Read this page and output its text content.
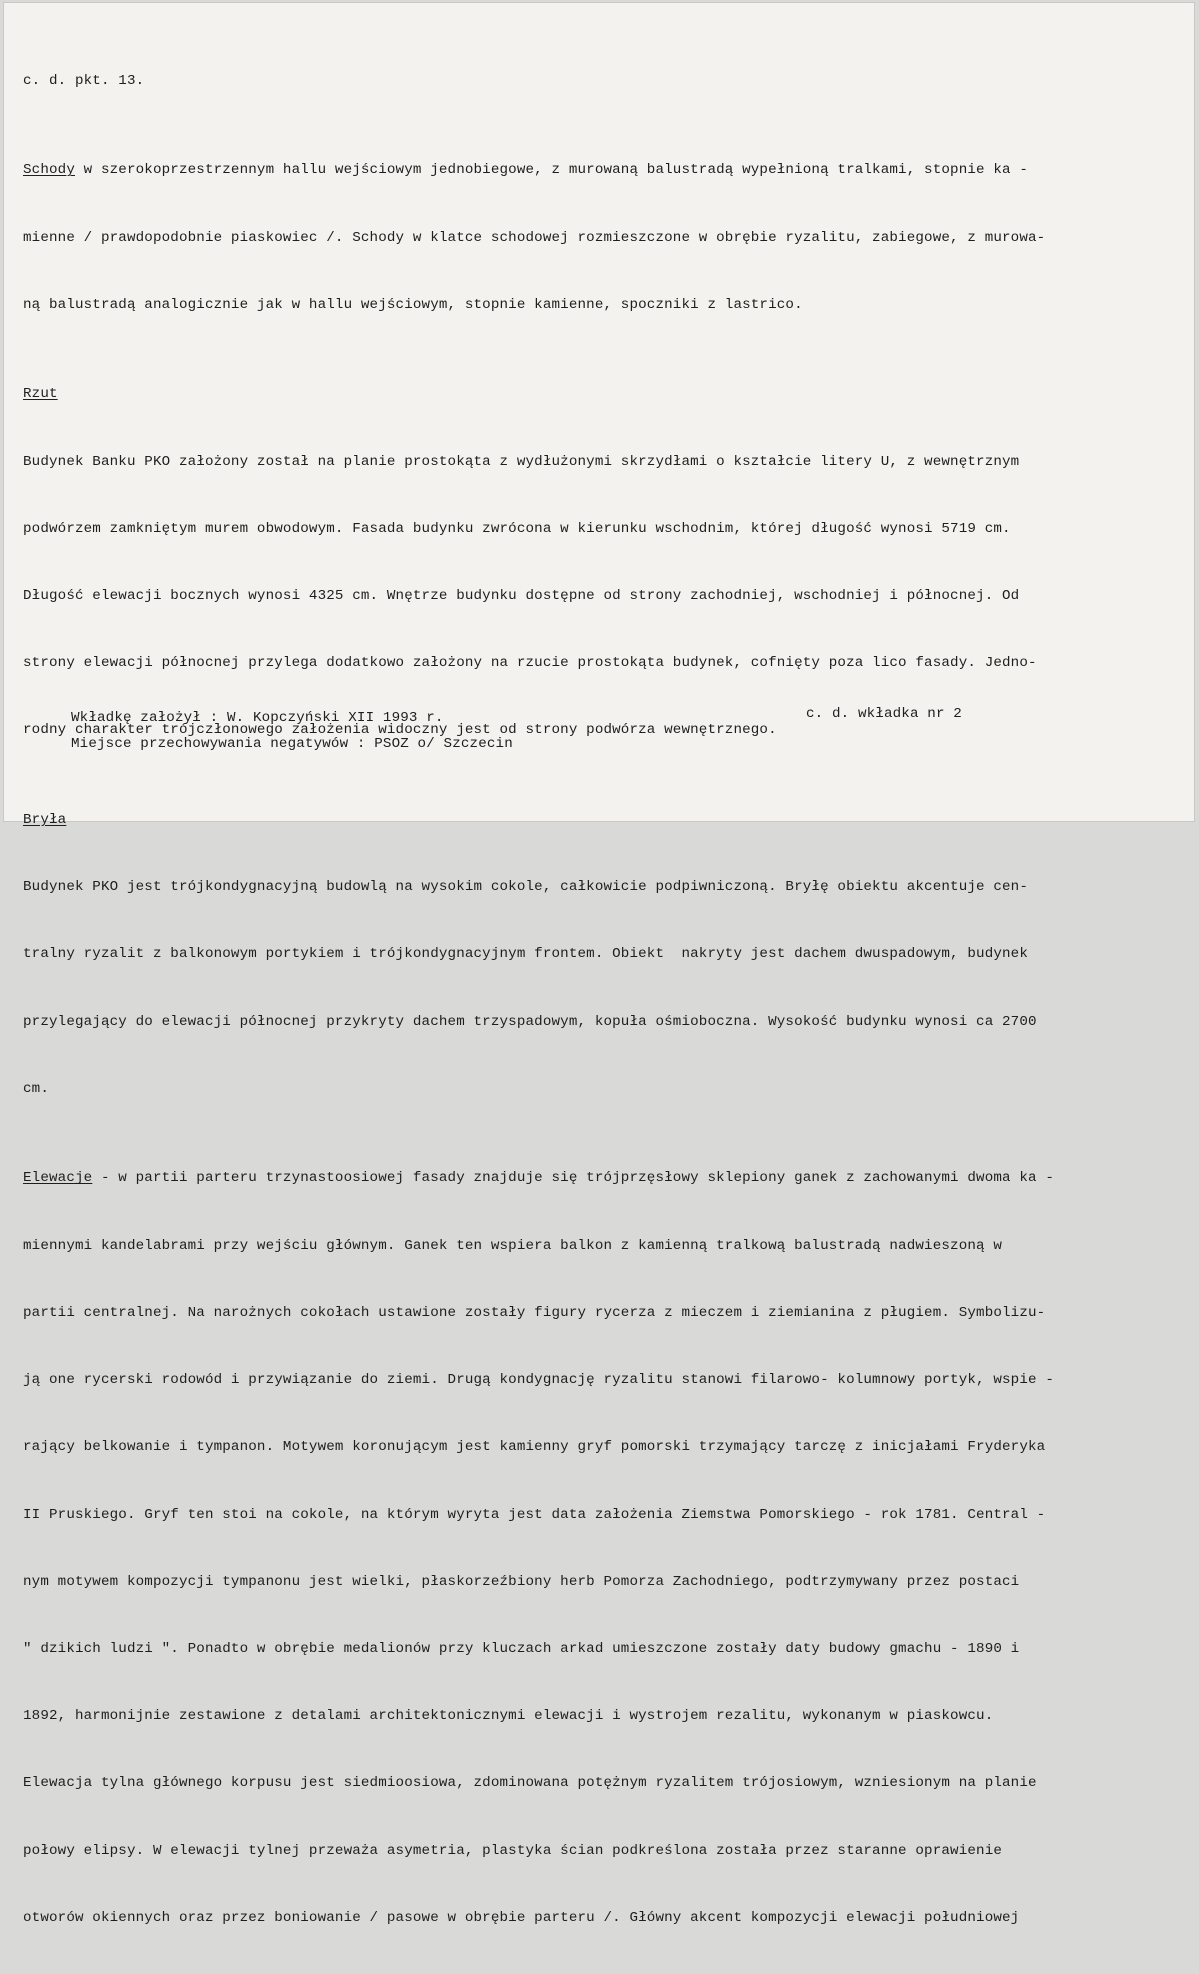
c. d. pkt. 13.

Schody w szerokoprzestrzennym hallu wejściowym jednobiegowe, z murowaną balustradą wypełnioną tralkami, stopnie ka -

mienne / prawdopodobnie piaskowiec /. Schody w klatce schodowej rozmieszczone w obrębie ryzalitu, zabiegowe, z murowa-

ną balustradą analogicznie jak w hallu wejściowym, stopnie kamienne, spoczniki z lastrico.

Rzut

Budynek Banku PKO założony został na planie prostokąta z wydłużonymi skrzydłami o kształcie litery U, z wewnętrznym

podwórzem zamkniętym murem obwodowym. Fasada budynku zwrócona w kierunku wschodnim, której długość wynosi 5719 cm.

Długość elewacji bocznych wynosi 4325 cm. Wnętrze budynku dostępne od strony zachodniej, wschodniej i północnej. Od

strony elewacji północnej przylega dodatkowo założony na rzucie prostokąta budynek, cofnięty poza lico fasady. Jedno-

rodny charakter trójczłonowego założenia widoczny jest od strony podwórza wewnętrznego.

Bryła

Budynek PKO jest trójkondygnacyjną budowlą na wysokim cokole, całkowicie podpiwniczoną. Bryłę obiektu akcentuje cen-

tralny ryzalit z balkonowym portykiem i trójkondygnacyjnym frontem. Obiekt  nakryty jest dachem dwuspadowym, budynek

przylegający do elewacji północnej przykryty dachem trzyspadowym, kopuła ośmioboczna. Wysokość budynku wynosi ca 2700

cm.

Elewacje - w partii parteru trzynastoosiowej fasady znajduje się trójprzęsłowy sklepiony ganek z zachowanymi dwoma ka -

miennymi kandelabrami przy wejściu głównym. Ganek ten wspiera balkon z kamienną tralkową balustradą nadwieszoną w

partii centralnej. Na narożnych cokołach ustawione zostały figury rycerza z mieczem i ziemianina z pługiem. Symbolizu-

ją one rycerski rodowód i przywiązanie do ziemi. Drugą kondygnację ryzalitu stanowi filarowo- kolumnowy portyk, wspie -

rający belkowanie i tympanon. Motywem koronującym jest kamienny gryf pomorski trzymający tarczę z inicjałami Fryderyka

II Pruskiego. Gryf ten stoi na cokole, na którym wyryta jest data założenia Ziemstwa Pomorskiego - rok 1781. Central -

nym motywem kompozycji tympanonu jest wielki, płaskorzeźbiony herb Pomorza Zachodniego, podtrzymywany przez postaci

" dzikich ludzi ". Ponadto w obrębie medalionów przy kluczach arkad umieszczone zostały daty budowy gmachu - 1890 i

1892, harmonijnie zestawione z detalami architektonicznymi elewacji i wystrojem rezalitu, wykonanym w piaskowcu.

Elewacja tylna głównego korpusu jest siedmioosiowa, zdominowana potężnym ryzalitem trójosiowym, wzniesionym na planie

połowy elipsy. W elewacji tylnej przeważa asymetria, plastyka ścian podkreślona została przez staranne oprawienie

otworów okiennych oraz przez boniowanie / pasowe w obrębie parteru /. Główny akcent kompozycji elewacji południowej

Wkładkę założył : W. Kopczyński XII 1993 r.	c. d. wkładka nr 2
Miejsce przechowywania negatywów : PSOZ o/ Szczecin
